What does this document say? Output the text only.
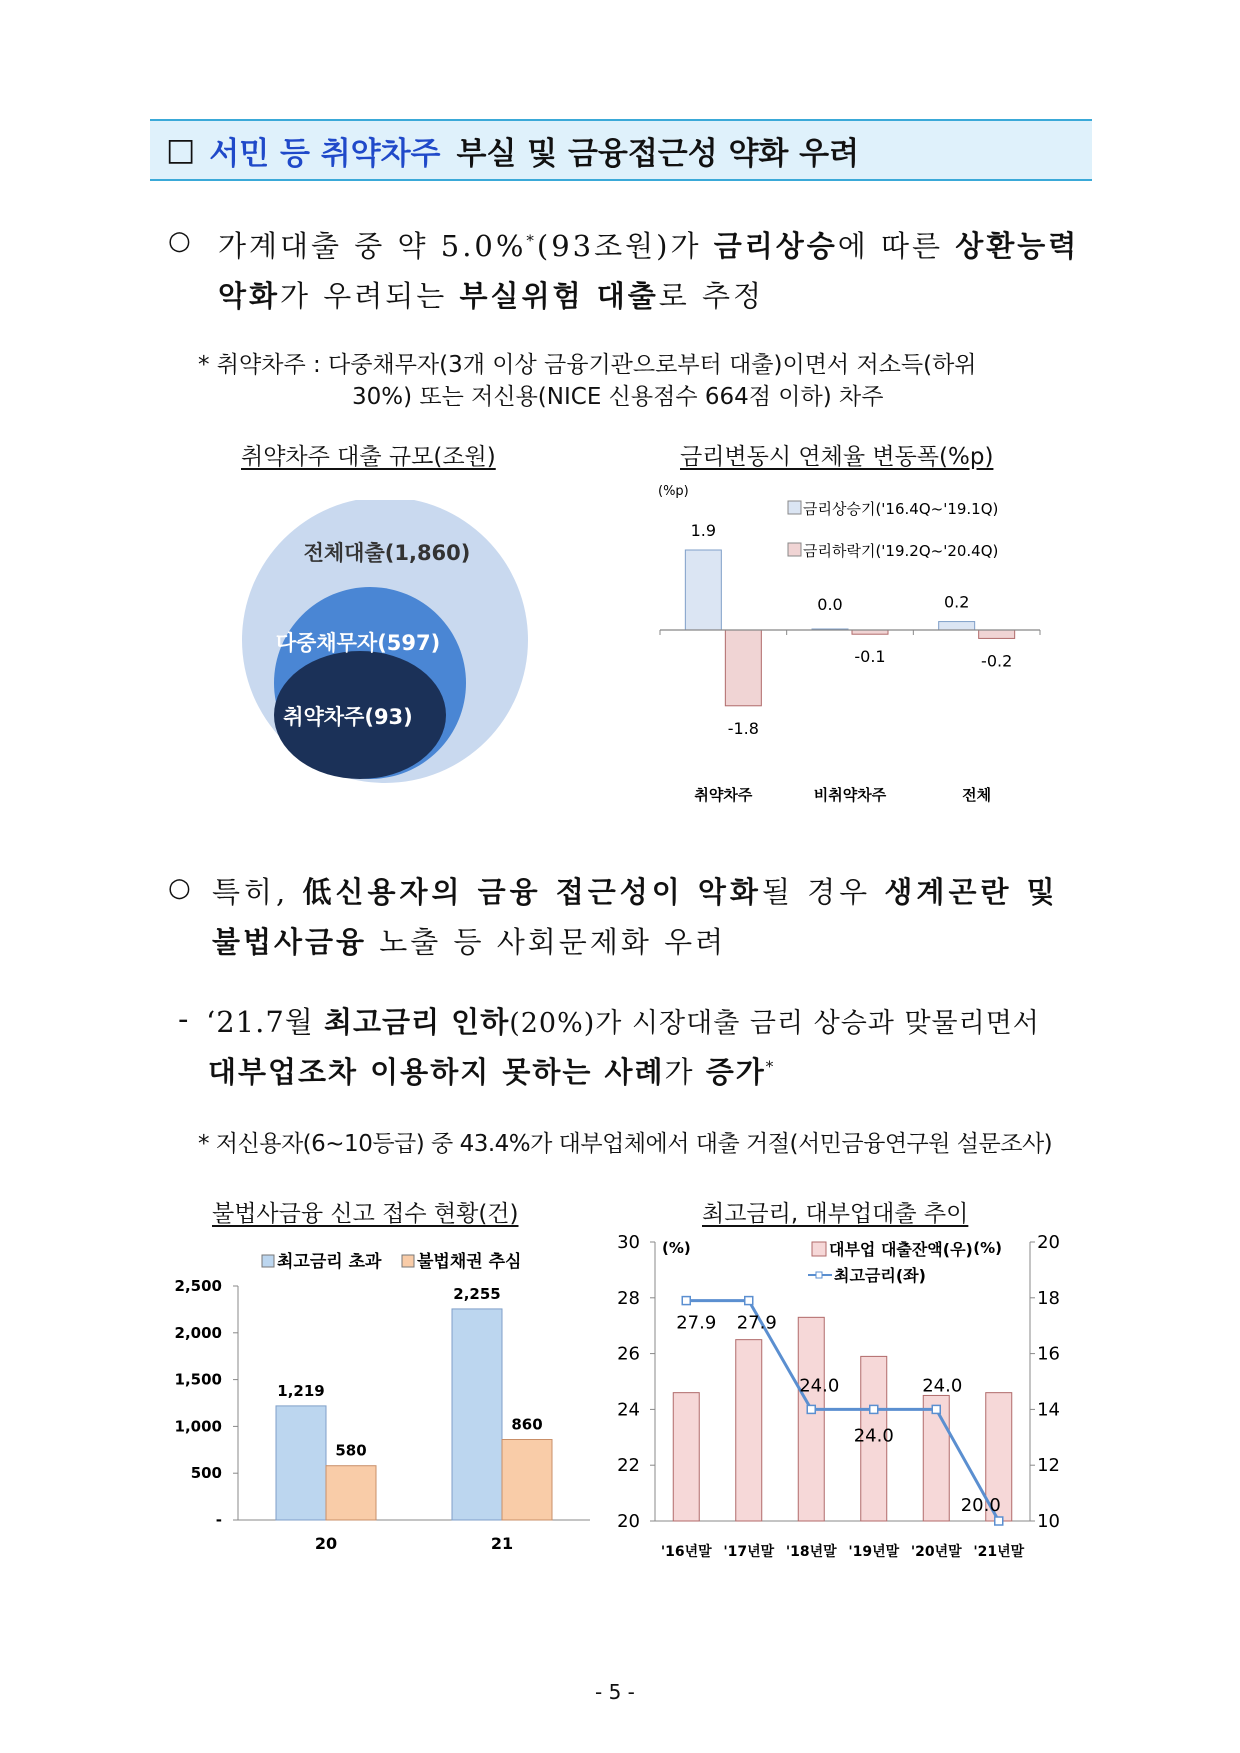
□ 서민 등 취약차주 부실 및 금융접근성 약화 우려
○ 가계대출 중 약 5.0%*(93조원)가 금리상승에 따른 상환능력
악화가 우려되는 부실위험 대출로 추정
* 취약차주 : 다중채무자(3개 이상 금융기관으로부터 대출)이면서 저소득(하위
30%) 또는 저신용(NICE 신용점수 664점 이하) 차주
취약차주 대출 규모(조원)
전체대출(1,860)
다중채무자(597)
취약차주(93)
금리변동시 연체율 변동폭(%p)
(%p)
금리상승기('16.4Q~'19.1Q)
금리하락기('19.2Q~'20.4Q)
1.9
-1.8
취약차주
0.0
-0.1
비취약차주
0.2
-0.2
전체
○ 특히, 低신용자의 금융 접근성이 악화될 경우 생계곤란 및
불법사금융 노출 등 사회문제화 우려
- ‘21.7월 최고금리 인하(20%)가 시장대출 금리 상승과 맞물리면서
대부업조차 이용하지 못하는 사례가 증가*
* 저신용자(6~10등급) 중 43.4%가 대부업체에서 대출 거절(서민금융연구원 설문조사)
불법사금융 신고 접수 현황(건)
-
500
1,000
1,500
2,000
2,500
최고금리 초과 불법채권 추심
1,219
580
20
2,255
860
21
최고금리, 대부업대출 추이
20
22
24
26
28
30
10
12
14
16
18
20
(%)	(%)
대부업 대출잔액(우)
최고금리(좌)
'16년말 '17년말 '18년말 '19년말 '20년말 '21년말
27.9 27.9
24.0
24.0
24.0
20.0
- 5 -
